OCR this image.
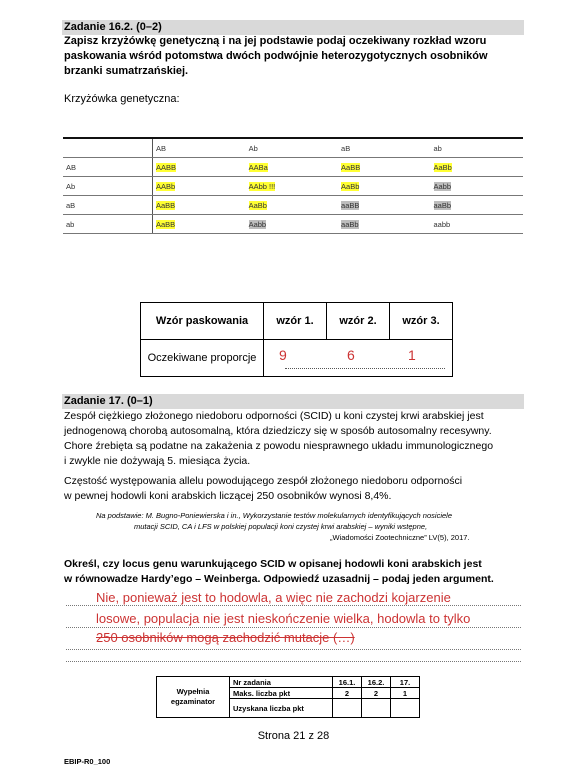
Zadanie 16.2. (0–2)
Zapisz krzyżówkę genetyczną i na jej podstawie podaj oczekiwany rozkład wzoru
paskowania wśród potomstwa dwóch podwójnie heterozygotycznych osobników
brzanki sumatrzańskiej.
Krzyżówka genetyczna:
	AB	Ab	aB	ab
AB	AABB	AABa	AaBB	AaBb
Ab	AABb	AAbb !!!	AaBb	Aabb
aB	AaBB	AaBb	aaBB	aaBb
ab	AaBB	Aabb	aaBb	aabb
Wzór paskowania	wzór 1.	wzór 2.	wzór 3.
Oczekiwane proporcje	9 6 1		
Zadanie 17. (0–1)
Zespół ciężkiego złożonego niedoboru odporności (SCID) u koni czystej krwi arabskiej jest
jednogenową chorobą autosomalną, która dziedziczy się w sposób autosomalny recesywny.
Chore źrebięta są podatne na zakażenia z powodu niesprawnego układu immunologicznego
i zwykle nie dożywają 5. miesiąca życia.
Częstość występowania allelu powodującego zespół złożonego niedoboru odporności
w pewnej hodowli koni arabskich liczącej 250 osobników wynosi 8,4%.
Na podstawie: M. Bugno-Poniewierska i in., Wykorzystanie testów molekularnych identyfikujących nosiciele
mutacji SCID, CA i LFS w polskiej populacji koni czystej krwi arabskiej – wyniki wstępne,
„Wiadomości Zootechniczne” LV(5), 2017.
Określ, czy locus genu warunkującego SCID w opisanej hodowli koni arabskich jest
w równowadze Hardy’ego – Weinberga. Odpowiedź uzasadnij – podaj jeden argument.
Nie, ponieważ jest to hodowla, a więc nie zachodzi kojarzenie
losowe, populacja nie jest nieskończenie wielka, hodowla to tylko
250 osobników mogą zachodzić mutacje (…)
Wypełnia
egzaminator	Nr zadania	16.1.	16.2.	17.
	Maks. liczba pkt	2	2	1
	Uzyskana liczba pkt			
Strona 21 z 28
EBIP-R0_100
